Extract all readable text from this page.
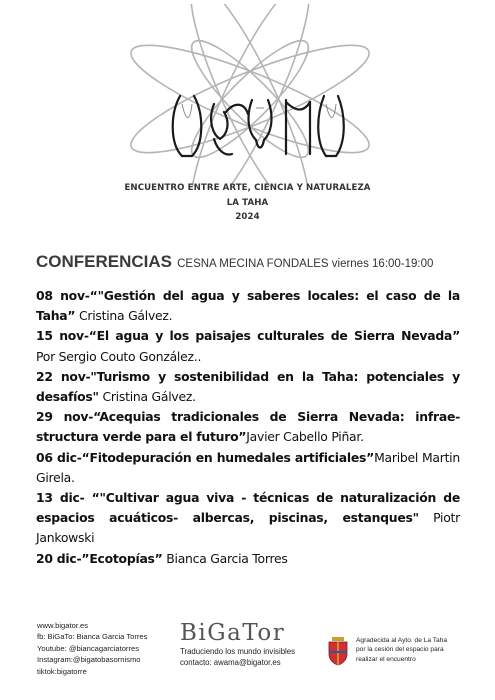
ENCUENTRO ENTRE ARTE, CIENCIA Y NATURALEZA
LA TAHA
2024
CONFERENCIAS CESNA MECINA FONDALES viernes 16:00-19:00
08 nov-“"Gestión del agua y saberes locales: el caso de la Taha” Cristina Gálvez.
15 nov-“El agua y los paisajes culturales de Sierra Nevada” Por Sergio Couto González..
22 nov-"Turismo y sostenibilidad en la Taha: potenciales y desafíos" Cristina Gálvez.
29 nov-“Acequias tradicionales de Sierra Nevada: infrae-structura verde para el futuro”Javier Cabello Piñar.
06 dic-“Fitodepuración en humedales artificiales”Maribel Martin Girela.
13 dic- “"Cultivar agua viva - técnicas de naturalización de espacios acuáticos- albercas, piscinas, estanques" Piotr Jankowski
20 dic-”Ecotopías” Bianca Garcia Torres
www.bigator.es
fb: BiGaTo: Bianca Garcia Torres
Youtube: @biancagarciatorres
Instagram:@bigatobasornismo
tiktok:bigatorre
BiGaTor
Traduciendo los mundo invisibles
contacto: awama@bigator.es
Agradecida al Ayto. de La Taha
por la cesión del espacio para
realizar el encuentro
